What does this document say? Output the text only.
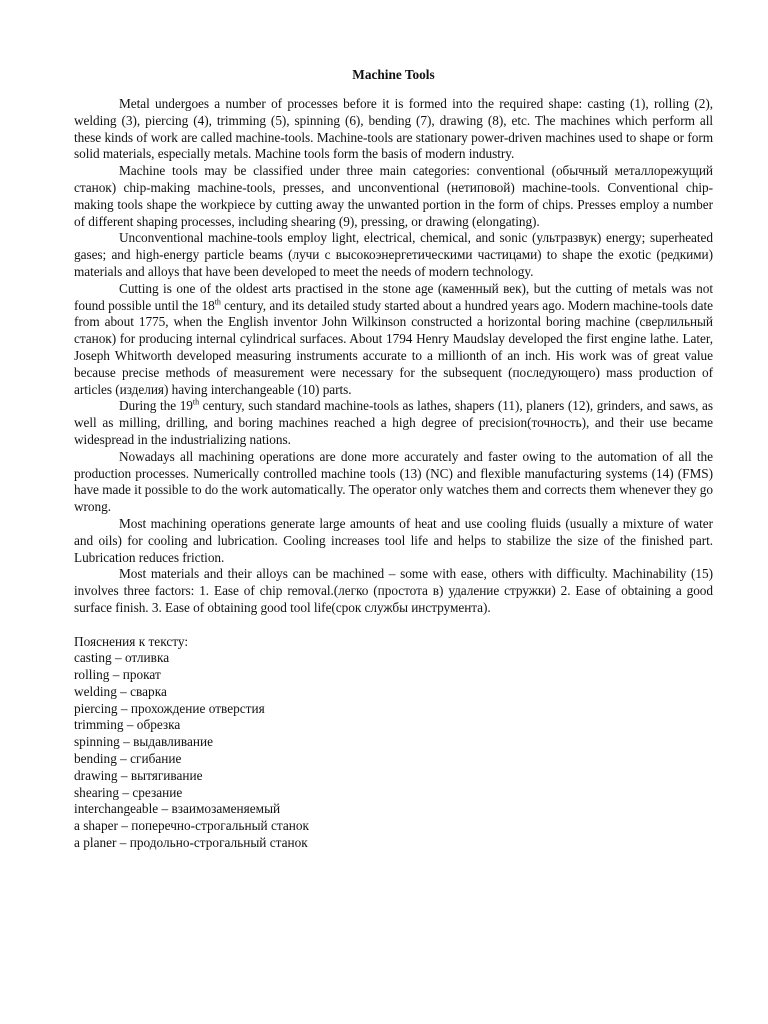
Machine Tools

Metal undergoes a number of processes before it is formed into the required shape: casting (1), rolling (2), welding (3), piercing (4), trimming (5), spinning (6), bending (7), drawing (8), etc. The machines which perform all these kinds of work are called machine-tools. Machine-tools are stationary power-driven machines used to shape or form solid materials, especially metals. Machine tools form the basis of modern industry.

Machine tools may be classified under three main categories: conventional (обычный металлорежущий станок) chip-making machine-tools, presses, and unconventional (нетиповой) machine-tools. Conventional chip-making tools shape the workpiece by cutting away the unwanted portion in the form of chips. Presses employ a number of different shaping processes, including shearing (9), pressing, or drawing (elongating).

Unconventional machine-tools employ light, electrical, chemical, and sonic (ультразвук) energy; superheated gases; and high-energy particle beams (лучи с высокоэнергетическими частицами) to shape the exotic (редкими) materials and alloys that have been developed to meet the needs of modern technology.

Cutting is one of the oldest arts practised in the stone age (каменный век), but the cutting of metals was not found possible until the 18th century, and its detailed study started about a hundred years ago. Modern machine-tools date from about 1775, when the English inventor John Wilkinson constructed a horizontal boring machine (сверлильный станок) for producing internal cylindrical surfaces. About 1794 Henry Maudslay developed the first engine lathe. Later, Joseph Whitworth developed measuring instruments accurate to a millionth of an inch. His work was of great value because precise methods of measurement were necessary for the subsequent (последующего) mass production of articles (изделия) having interchangeable (10) parts.

During the 19th century, such standard machine-tools as lathes, shapers (11), planers (12), grinders, and saws, as well as milling, drilling, and boring machines reached a high degree of precision(точность), and their use became widespread in the industrializing nations.

Nowadays all machining operations are done more accurately and faster owing to the automation of all the production processes. Numerically controlled machine tools (13) (NC) and flexible manufacturing systems (14) (FMS) have made it possible to do the work automatically. The operator only watches them and corrects them whenever they go wrong.

Most machining operations generate large amounts of heat and use cooling fluids (usually a mixture of water and oils) for cooling and lubrication. Cooling increases tool life and helps to stabilize the size of the finished part. Lubrication reduces friction.

Most materials and their alloys can be machined – some with ease, others with difficulty. Machinability (15) involves three factors: 1. Ease of chip removal.(легко (простота в) удаление стружки) 2. Ease of obtaining a good surface finish. 3. Ease of obtaining good tool life(срок службы инструмента).

Пояснения к тексту:

casting – отливка
rolling – прокат
welding – сварка
piercing – прохождение отверстия
trimming – обрезка
spinning – выдавливание
bending – сгибание
drawing – вытягивание
shearing – срезание
interchangeable – взаимозаменяемый
a shaper – поперечно-строгальный станок
a planer – продольно-строгальный станок
